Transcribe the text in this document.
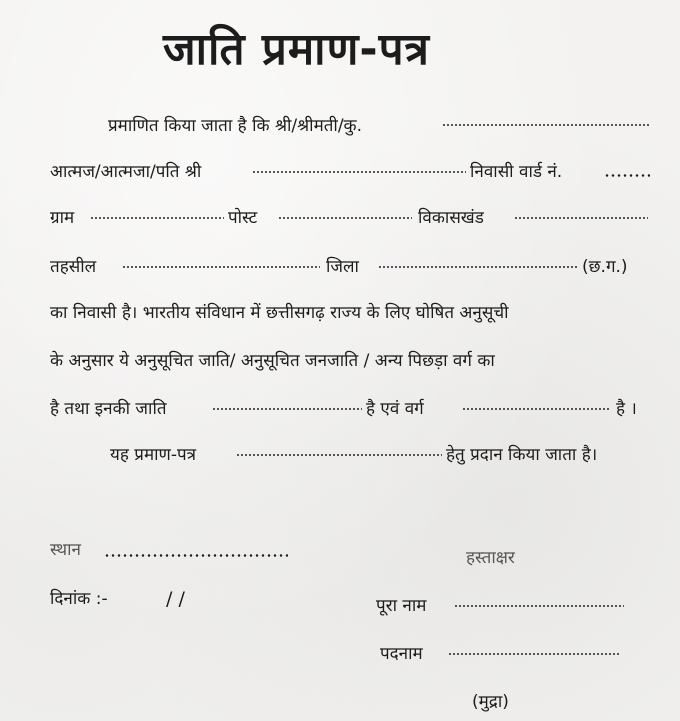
जाति प्रमाण-पत्र
प्रमाणित किया जाता है कि श्री/श्रीमती/कु.
आत्मज/आत्मजा/पति श्री	निवासी वार्ड नं.
ग्राम	पोस्ट	विकासखंड
तहसील	जिला	(छ.ग.)
का निवासी है। भारतीय संविधान में छत्तीसगढ़ राज्य के लिए घोषित अनुसूची
के अनुसार ये अनुसूचित जाति/ अनुसूचित जनजाति / अन्य पिछड़ा वर्ग का
है तथा इनकी जाति	है एवं वर्ग	है ।
यह प्रमाण-पत्र	हेतु प्रदान किया जाता है।
स्थान
दिनांक :-	/ /
हस्ताक्षर
पूरा नाम
पदनाम
(मुद्रा)
